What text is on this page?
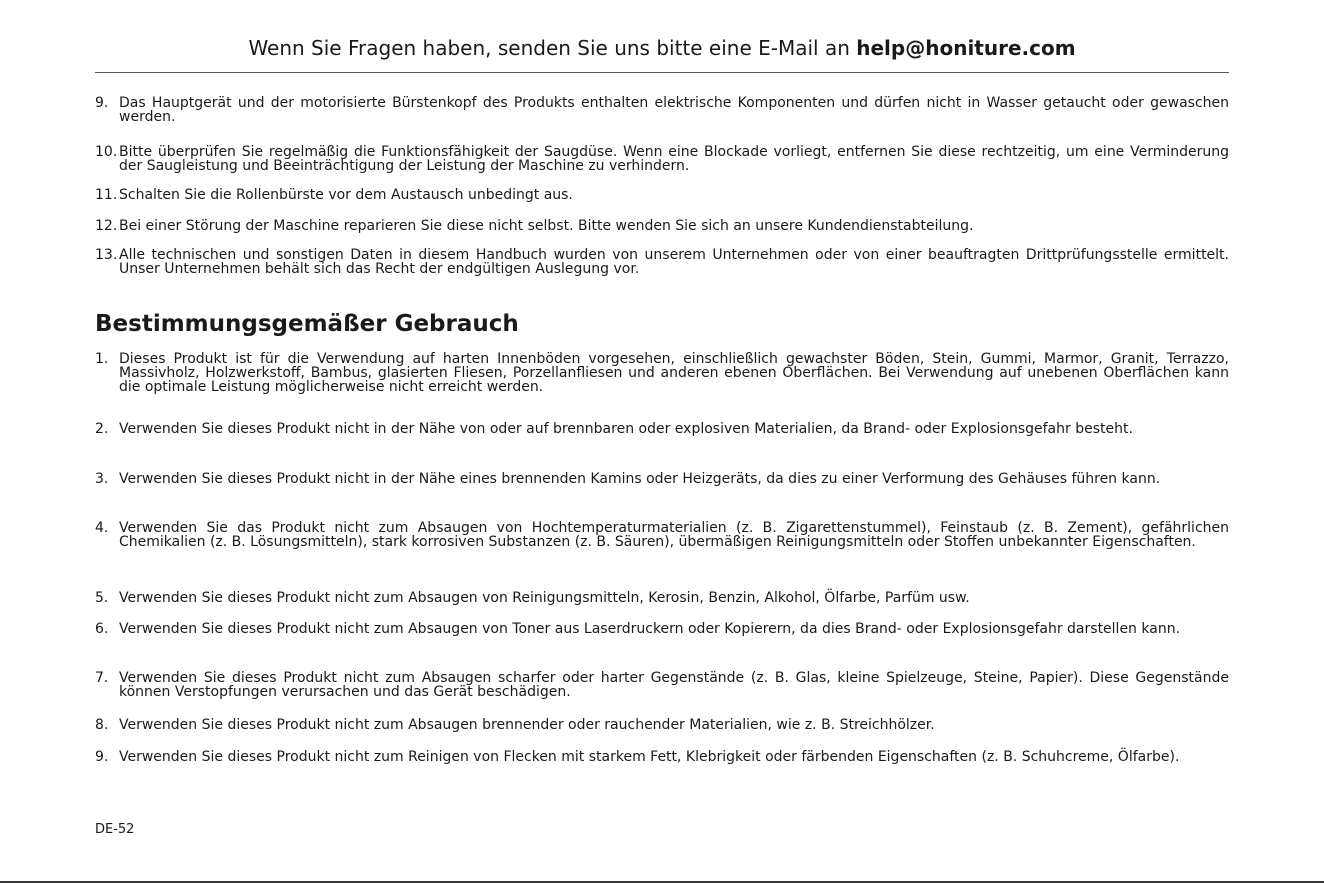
Wenn Sie Fragen haben, senden Sie uns bitte eine E-Mail an help@honiture.com
9. Das Hauptgerät und der motorisierte Bürstenkopf des Produkts enthalten elektrische Komponenten und dürfen nicht in Wasser getaucht oder gewaschen werden.
10. Bitte überprüfen Sie regelmäßig die Funktionsfähigkeit der Saugdüse. Wenn eine Blockade vorliegt, entfernen Sie diese rechtzeitig, um eine Verminderung der Saugleistung und Beeinträchtigung der Leistung der Maschine zu verhindern.
11. Schalten Sie die Rollenbürste vor dem Austausch unbedingt aus.
12. Bei einer Störung der Maschine reparieren Sie diese nicht selbst. Bitte wenden Sie sich an unsere Kundendienstabteilung.
13. Alle technischen und sonstigen Daten in diesem Handbuch wurden von unserem Unternehmen oder von einer beauftragten Drittprüfungsstelle ermittelt. Unser Unternehmen behält sich das Recht der endgültigen Auslegung vor.
Bestimmungsgemäßer Gebrauch
1. Dieses Produkt ist für die Verwendung auf harten Innenböden vorgesehen, einschließlich gewachster Böden, Stein, Gummi, Marmor, Granit, Terrazzo, Massivholz, Holzwerkstoff, Bambus, glasierten Fliesen, Porzellanfliesen und anderen ebenen Oberflächen. Bei Verwendung auf unebenen Oberflächen kann die optimale Leistung möglicherweise nicht erreicht werden.
2. Verwenden Sie dieses Produkt nicht in der Nähe von oder auf brennbaren oder explosiven Materialien, da Brand- oder Explosionsgefahr besteht.
3. Verwenden Sie dieses Produkt nicht in der Nähe eines brennenden Kamins oder Heizgeräts, da dies zu einer Verformung des Gehäuses führen kann.
4. Verwenden Sie das Produkt nicht zum Absaugen von Hochtemperaturmaterialien (z. B. Zigarettenstummel), Feinstaub (z. B. Zement), gefährlichen Chemikalien (z. B. Lösungsmitteln), stark korrosiven Substanzen (z. B. Säuren), übermäßigen Reinigungsmitteln oder Stoffen unbekannter Eigenschaften.
5. Verwenden Sie dieses Produkt nicht zum Absaugen von Reinigungsmitteln, Kerosin, Benzin, Alkohol, Ölfarbe, Parfüm usw.
6. Verwenden Sie dieses Produkt nicht zum Absaugen von Toner aus Laserdruckern oder Kopierern, da dies Brand- oder Explosionsgefahr darstellen kann.
7. Verwenden Sie dieses Produkt nicht zum Absaugen scharfer oder harter Gegenstände (z. B. Glas, kleine Spielzeuge, Steine, Papier). Diese Gegenstände können Verstopfungen verursachen und das Gerät beschädigen.
8. Verwenden Sie dieses Produkt nicht zum Absaugen brennender oder rauchender Materialien, wie z. B. Streichhölzer.
9. Verwenden Sie dieses Produkt nicht zum Reinigen von Flecken mit starkem Fett, Klebrigkeit oder färbenden Eigenschaften (z. B. Schuhcreme, Ölfarbe).
DE-52
